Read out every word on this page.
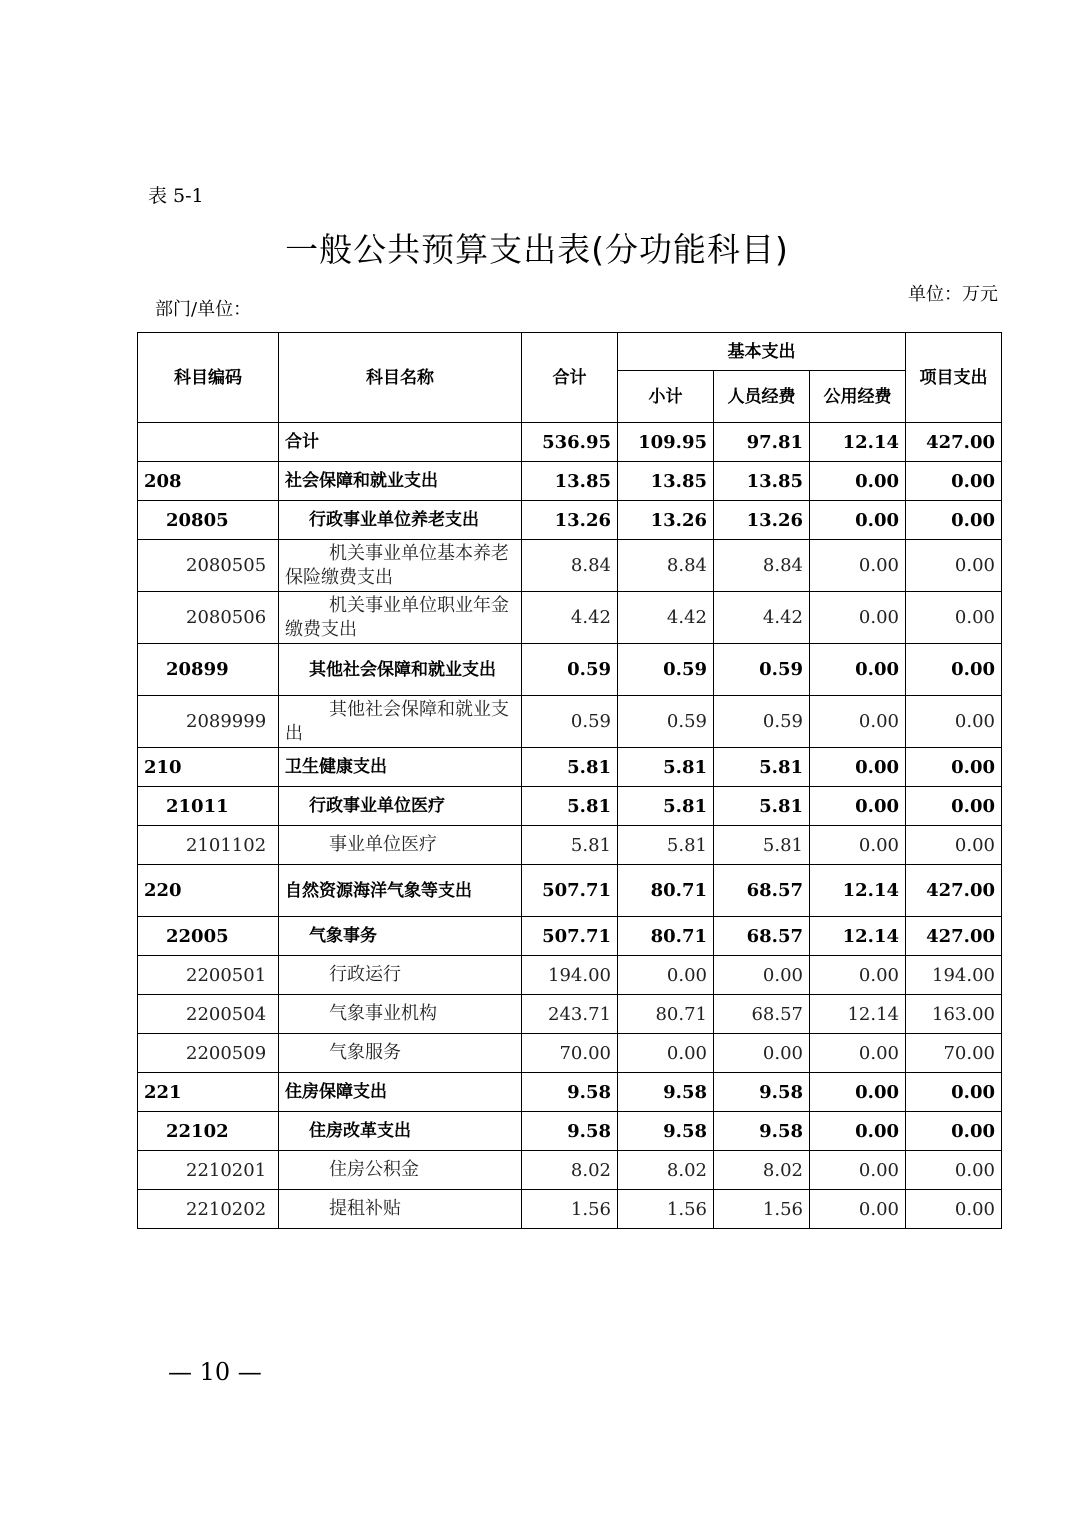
表 5-1
一般公共预算支出表(分功能科目)
部门/单位：
单位：万元
科目编码	科目名称	合计	基本支出			项目支出
			小计	人员经费	公用经费	
	合计	536.95	109.95	97.81	12.14	427.00
208	社会保障和就业支出	13.85	13.85	13.85	0.00	0.00
20805	行政事业单位养老支出	13.26	13.26	13.26	0.00	0.00
2080505	机关事业单位基本养老保险缴费支出	8.84	8.84	8.84	0.00	0.00
2080506	机关事业单位职业年金缴费支出	4.42	4.42	4.42	0.00	0.00
20899	其他社会保障和就业支出	0.59	0.59	0.59	0.00	0.00
2089999	其他社会保障和就业支出	0.59	0.59	0.59	0.00	0.00
210	卫生健康支出	5.81	5.81	5.81	0.00	0.00
21011	行政事业单位医疗	5.81	5.81	5.81	0.00	0.00
2101102	事业单位医疗	5.81	5.81	5.81	0.00	0.00
220	自然资源海洋气象等支出	507.71	80.71	68.57	12.14	427.00
22005	气象事务	507.71	80.71	68.57	12.14	427.00
2200501	行政运行	194.00	0.00	0.00	0.00	194.00
2200504	气象事业机构	243.71	80.71	68.57	12.14	163.00
2200509	气象服务	70.00	0.00	0.00	0.00	70.00
221	住房保障支出	9.58	9.58	9.58	0.00	0.00
22102	住房改革支出	9.58	9.58	9.58	0.00	0.00
2210201	住房公积金	8.02	8.02	8.02	0.00	0.00
2210202	提租补贴	1.56	1.56	1.56	0.00	0.00
— 10 —
